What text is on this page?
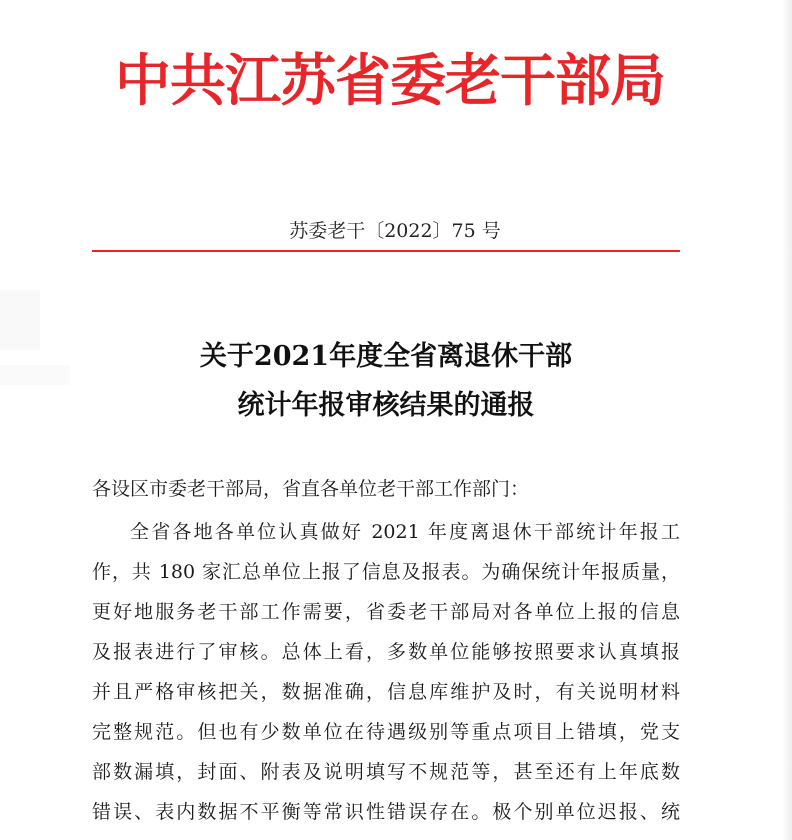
中共江苏省委老干部局
苏委老干〔2022〕75 号
关于2021年度全省离退休干部
统计年报审核结果的通报
各设区市委老干部局，省直各单位老干部工作部门：
全省各地各单位认真做好 2021 年度离退休干部统计年报工
作，共 180 家汇总单位上报了信息及报表。为确保统计年报质量，
更好地服务老干部工作需要，省委老干部局对各单位上报的信息
及报表进行了审核。总体上看，多数单位能够按照要求认真填报
并且严格审核把关，数据准确，信息库维护及时，有关说明材料
完整规范。但也有少数单位在待遇级别等重点项目上错填，党支
部数漏填，封面、附表及说明填写不规范等，甚至还有上年底数
错误、表内数据不平衡等常识性错误存在。极个别单位迟报、统
